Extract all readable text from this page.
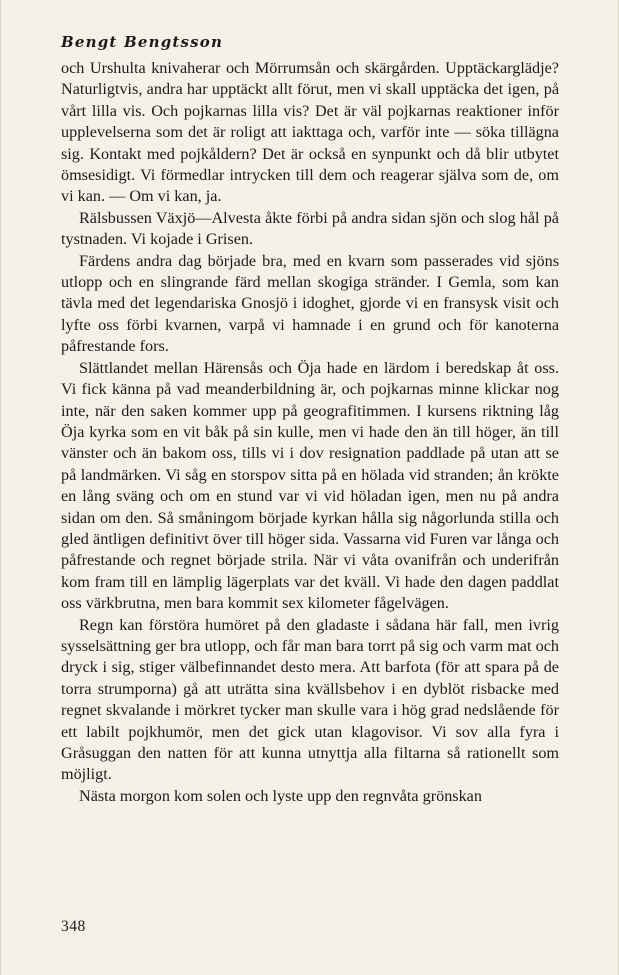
Bengt Bengtsson

och Urshulta knivaherar och Mörrumsån och skärgården. Upptäckarglädje? Naturligtvis, andra har upptäckt allt förut, men vi skall upptäcka det igen, på vårt lilla vis. Och pojkarnas lilla vis? Det är väl pojkarnas reaktioner inför upplevelserna som det är roligt att iakttaga och, varför inte — söka tillägna sig. Kontakt med pojkåldern? Det är också en synpunkt och då blir utbytet ömsesidigt. Vi förmedlar intrycken till dem och reagerar själva som de, om vi kan. — Om vi kan, ja.

Rälsbussen Växjö—Alvesta åkte förbi på andra sidan sjön och slog hål på tystnaden. Vi kojade i Grisen.

Färdens andra dag började bra, med en kvarn som passerades vid sjöns utlopp och en slingrande färd mellan skogiga stränder. I Gemla, som kan tävla med det legendariska Gnosjö i idoghet, gjorde vi en fransysk visit och lyfte oss förbi kvarnen, varpå vi hamnade i en grund och för kanoterna påfrestande fors.

Slättlandet mellan Härensås och Öja hade en lärdom i beredskap åt oss. Vi fick känna på vad meanderbildning är, och pojkarnas minne klickar nog inte, när den saken kommer upp på geografitimmen. I kursens riktning låg Öja kyrka som en vit båk på sin kulle, men vi hade den än till höger, än till vänster och än bakom oss, tills vi i dov resignation paddlade på utan att se på landmärken. Vi såg en storspov sitta på en hölada vid stranden; ån kröktе en lång sväng och om en stund var vi vid höladan igen, men nu på andra sidan om den. Så småningom började kyrkan hålla sig någorlunda stilla och gled äntligen definitivt över till höger sida. Vassarna vid Furen var långa och påfrestande och regnet började strila. När vi våta ovanifrån och underifrån kom fram till en lämplig lägerplats var det kväll. Vi hade den dagen paddlat oss värkbrutna, men bara kommit sex kilometer fågelvägen.

Regn kan förstöra humöret på den gladaste i sådana här fall, men ivrig sysselsättning ger bra utlopp, och får man bara torrt på sig och varm mat och dryck i sig, stiger välbefinnandet desto mera. Att barfota (för att spara på de torra strumporna) gå att uträtta sina kvällsbehov i en dyblöt risbacke med regnet skvalande i mörkret tycker man skulle vara i hög grad nedslående för ett labilt pojkhumör, men det gick utan klagovisor. Vi sov alla fyra i Gråsuggan den natten för att kunna utnyttja alla filtarna så rationellt som möjligt.

Nästa morgon kom solen och lyste upp den regnvåta grönskan

348
· · · · · · ·
